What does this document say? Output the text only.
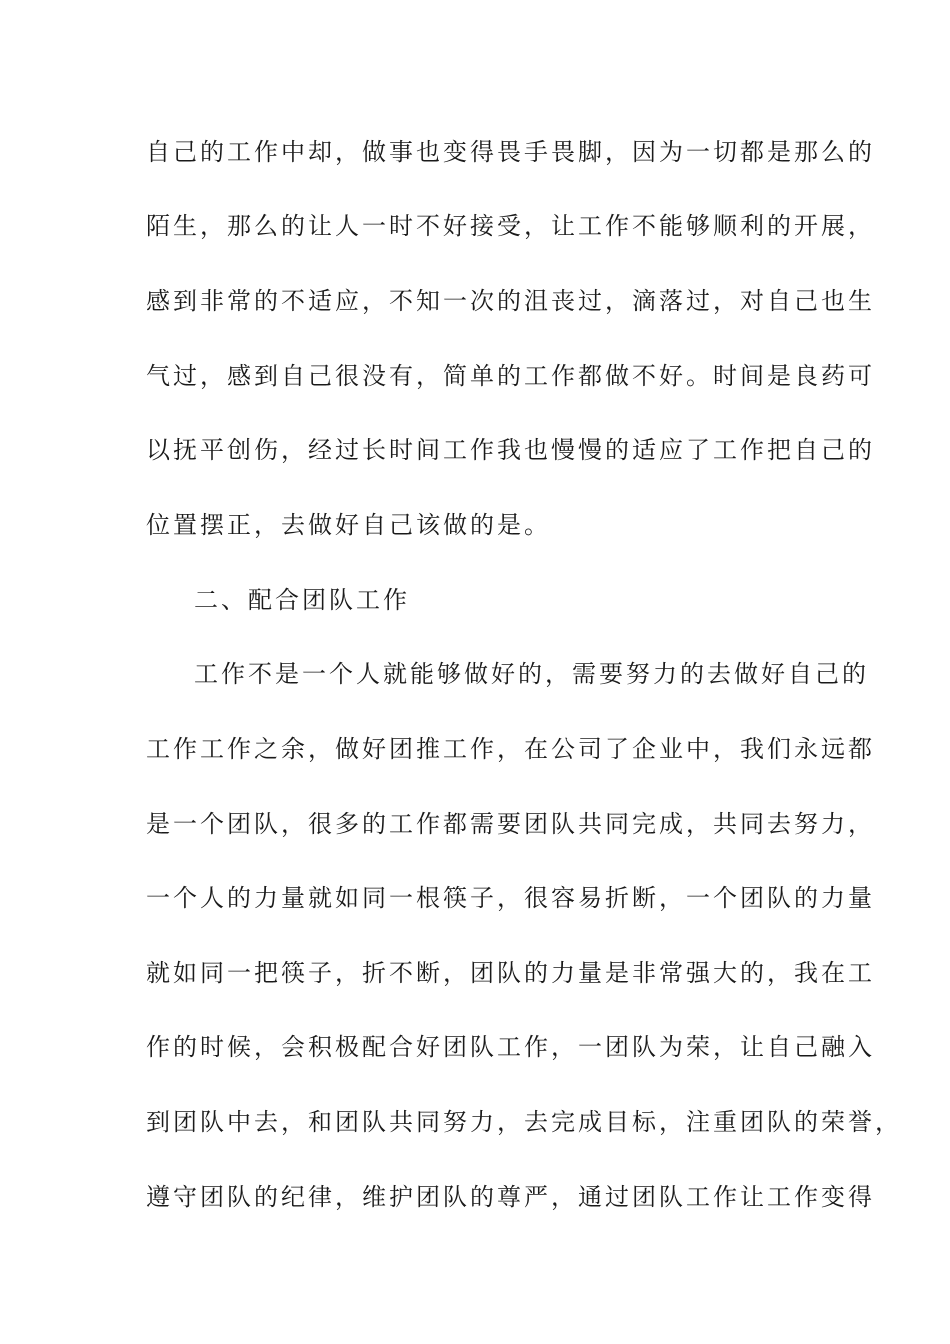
自己的工作中却，做事也变得畏手畏脚，因为一切都是那么的
陌生，那么的让人一时不好接受，让工作不能够顺利的开展，
感到非常的不适应，不知一次的沮丧过，滴落过，对自己也生
气过，感到自己很没有，简单的工作都做不好。时间是良药可
以抚平创伤，经过长时间工作我也慢慢的适应了工作把自己的
位置摆正，去做好自己该做的是。
二、配合团队工作
工作不是一个人就能够做好的，需要努力的去做好自己的
工作工作之余，做好团推工作，在公司了企业中，我们永远都
是一个团队，很多的工作都需要团队共同完成，共同去努力，
一个人的力量就如同一根筷子，很容易折断，一个团队的力量
就如同一把筷子，折不断，团队的力量是非常强大的，我在工
作的时候，会积极配合好团队工作，一团队为荣，让自己融入
到团队中去，和团队共同努力，去完成目标，注重团队的荣誉，
遵守团队的纪律，维护团队的尊严，通过团队工作让工作变得
